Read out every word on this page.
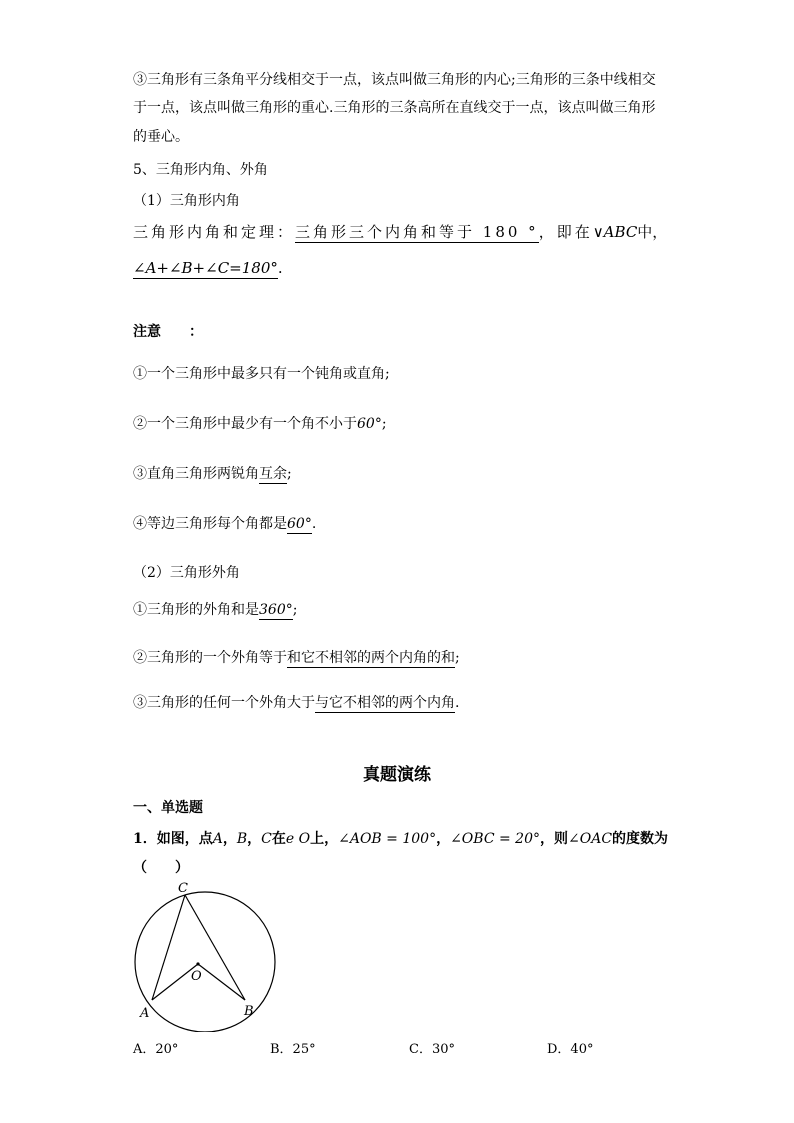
③三角形有三条角平分线相交于一点，该点叫做三角形的内心;三角形的三条中线相交
于一点，该点叫做三角形的重心.三角形的三条高所在直线交于一点，该点叫做三角形
的垂心。
5、三角形内角、外角
（1）三角形内角
三角形内角和定理：三角形三个内角和等于 180 °，即在∨ABC中，
∠A+∠B+∠C=180°.
注意　　：
①一个三角形中最多只有一个钝角或直角;
②一个三角形中最少有一个角不小于60°;
③直角三角形两锐角互余;
④等边三角形每个角都是60°.
（2）三角形外角
①三角形的外角和是360°;
②三角形的一个外角等于和它不相邻的两个内角的和;
③三角形的任何一个外角大于与它不相邻的两个内角.
真题演练
一、单选题
1．如图，点A，B，C在e O上，∠AOB = 100°，∠OBC = 20°，则∠OAC的度数为
（　　）
C
O
A	B
A．20°	B．25°	C．30°	D．40°
